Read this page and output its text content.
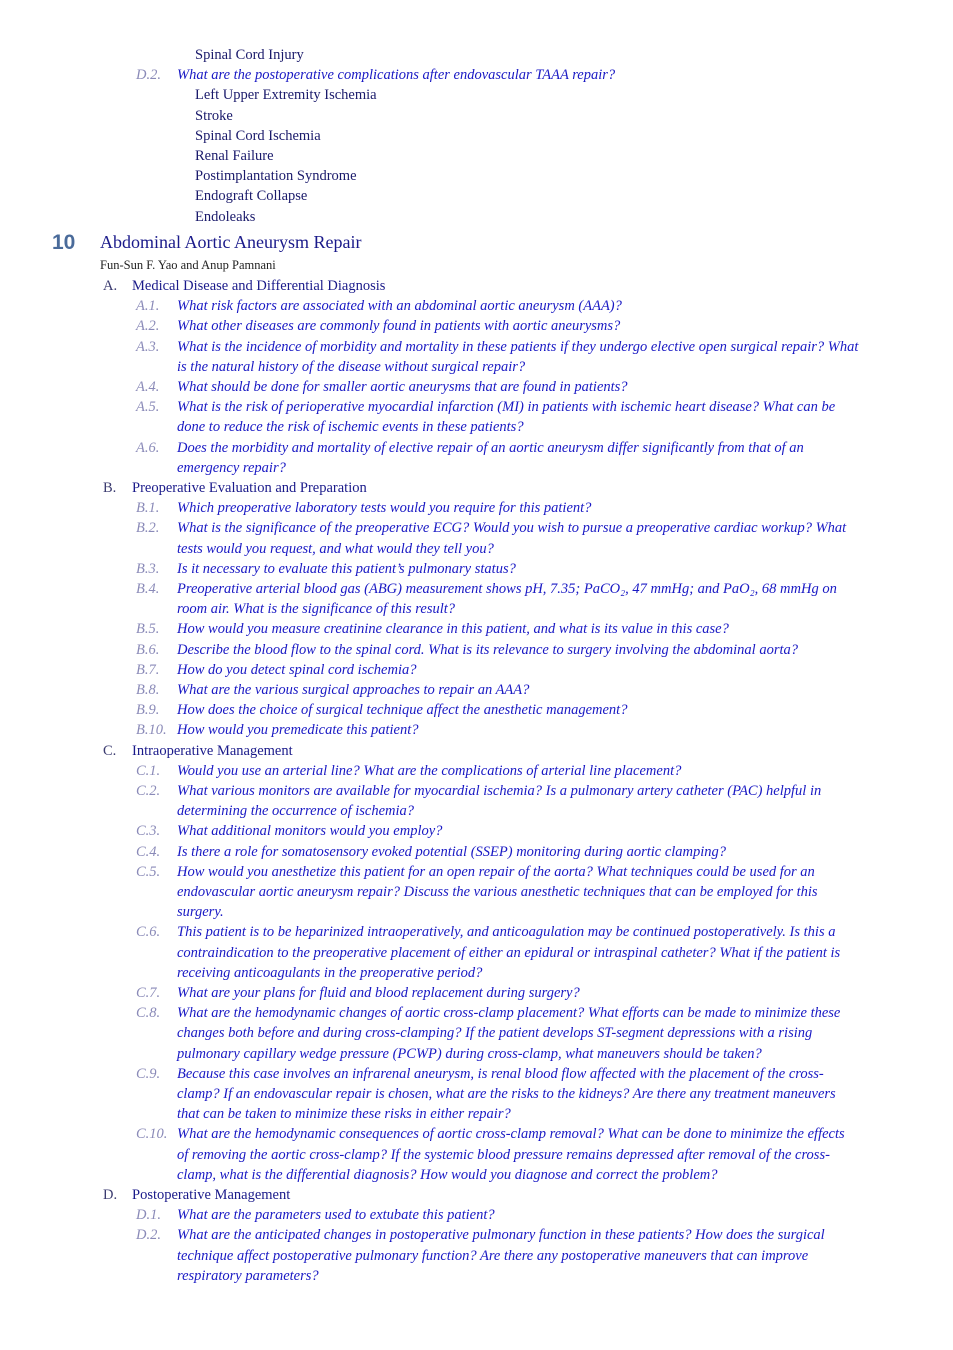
Spinal Cord Injury
D.2. What are the postoperative complications after endovascular TAAA repair?
Left Upper Extremity Ischemia
Stroke
Spinal Cord Ischemia
Renal Failure
Postimplantation Syndrome
Endograft Collapse
Endoleaks
10 Abdominal Aortic Aneurysm Repair
Fun-Sun F. Yao and Anup Pamnani
A. Medical Disease and Differential Diagnosis
A.1. What risk factors are associated with an abdominal aortic aneurysm (AAA)?
A.2. What other diseases are commonly found in patients with aortic aneurysms?
A.3. What is the incidence of morbidity and mortality in these patients if they undergo elective open surgical repair? What
is the natural history of the disease without surgical repair?
A.4. What should be done for smaller aortic aneurysms that are found in patients?
A.5. What is the risk of perioperative myocardial infarction (MI) in patients with ischemic heart disease? What can be
done to reduce the risk of ischemic events in these patients?
A.6. Does the morbidity and mortality of elective repair of an aortic aneurysm differ significantly from that of an
emergency repair?
B. Preoperative Evaluation and Preparation
B.1. Which preoperative laboratory tests would you require for this patient?
B.2. What is the significance of the preoperative ECG? Would you wish to pursue a preoperative cardiac workup? What
tests would you request, and what would they tell you?
B.3. Is it necessary to evaluate this patient’s pulmonary status?
B.4. Preoperative arterial blood gas (ABG) measurement shows pH, 7.35; PaCO₂, 47 mmHg; and PaO₂, 68 mmHg on
room air. What is the significance of this result?
B.5. How would you measure creatinine clearance in this patient, and what is its value in this case?
B.6. Describe the blood flow to the spinal cord. What is its relevance to surgery involving the abdominal aorta?
B.7. How do you detect spinal cord ischemia?
B.8. What are the various surgical approaches to repair an AAA?
B.9. How does the choice of surgical technique affect the anesthetic management?
B.10. How would you premedicate this patient?
C. Intraoperative Management
C.1. Would you use an arterial line? What are the complications of arterial line placement?
C.2. What various monitors are available for myocardial ischemia? Is a pulmonary artery catheter (PAC) helpful in
determining the occurrence of ischemia?
C.3. What additional monitors would you employ?
C.4. Is there a role for somatosensory evoked potential (SSEP) monitoring during aortic clamping?
C.5. How would you anesthetize this patient for an open repair of the aorta? What techniques could be used for an
endovascular aortic aneurysm repair? Discuss the various anesthetic techniques that can be employed for this
surgery.
C.6. This patient is to be heparinized intraoperatively, and anticoagulation may be continued postoperatively. Is this a
contraindication to the preoperative placement of either an epidural or intraspinal catheter? What if the patient is
receiving anticoagulants in the preoperative period?
C.7. What are your plans for fluid and blood replacement during surgery?
C.8. What are the hemodynamic changes of aortic cross-clamp placement? What efforts can be made to minimize these
changes both before and during cross-clamping? If the patient develops ST-segment depressions with a rising
pulmonary capillary wedge pressure (PCWP) during cross-clamp, what maneuvers should be taken?
C.9. Because this case involves an infrarenal aneurysm, is renal blood flow affected with the placement of the cross-
clamp? If an endovascular repair is chosen, what are the risks to the kidneys? Are there any treatment maneuvers
that can be taken to minimize these risks in either repair?
C.10. What are the hemodynamic consequences of aortic cross-clamp removal? What can be done to minimize the effects
of removing the aortic cross-clamp? If the systemic blood pressure remains depressed after removal of the cross-
clamp, what is the differential diagnosis? How would you diagnose and correct the problem?
D. Postoperative Management
D.1. What are the parameters used to extubate this patient?
D.2. What are the anticipated changes in postoperative pulmonary function in these patients? How does the surgical
technique affect postoperative pulmonary function? Are there any postoperative maneuvers that can improve
respiratory parameters?
